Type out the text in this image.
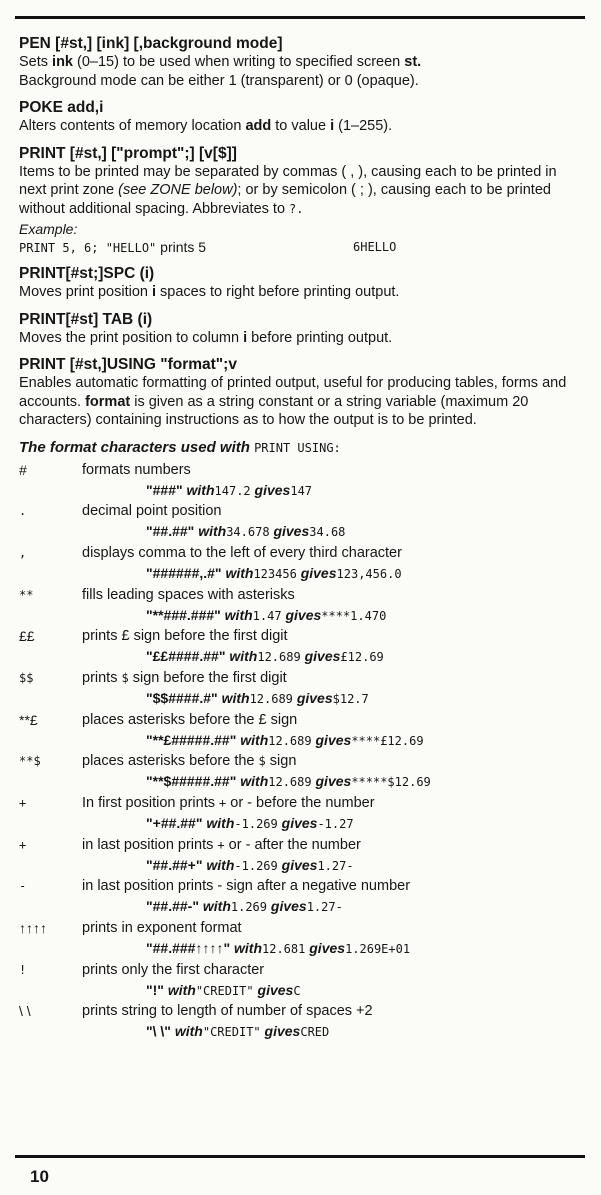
PEN [#st,] [ink] [,background mode]
Sets ink (0–15) to be used when writing to specified screen st.
Background mode can be either 1 (transparent) or 0 (opaque).
POKE add,i
Alters contents of memory location add to value i (1–255).
PRINT [#st,] ["prompt";] [v[$]]
Items to be printed may be separated by commas ( , ), causing each to be printed in next print zone (see ZONE below); or by semicolon ( ; ), causing each to be printed without additional spacing. Abbreviates to ?.
Example:
PRINT 5, 6; "HELLO" prints 5	6HELLO
PRINT[#st;]SPC (i)
Moves print position i spaces to right before printing output.
PRINT[#st] TAB (i)
Moves the print position to column i before printing output.
PRINT [#st,]USING "format";v
Enables automatic formatting of printed output, useful for producing tables, forms and accounts. format is given as a string constant or a string variable (maximum 20 characters) containing instructions as to how the output is to be printed.
The format characters used with PRINT USING:
#	formats numbers
"###" with147.2 gives147
.	decimal point position
"##.##" with34.678 gives34.68
,	displays comma to the left of every third character
"######,.#" with123456 gives123,456.0
**	fills leading spaces with asterisks
"**###.###" with1.47 gives****1.470
££	prints £ sign before the first digit
"££####.##" with12.689 gives£12.69
$$	prints $ sign before the first digit
"$$####.#" with12.689 gives$12.7
**£	places asterisks before the £ sign
"**£#####.##" with12.689 gives****£12.69
**$	places asterisks before the $ sign
"**$#####.##" with12.689 gives*****$12.69
+	In first position prints + or - before the number
"+##.##" with-1.269 gives-1.27
+	in last position prints + or - after the number
"##.##+" with-1.269 gives1.27-
-	in last position prints - sign after a negative number
"##.##-" with1.269 gives1.27-
↑↑↑↑	prints in exponent format
"##.###↑↑↑↑" with12.681 gives1.269E+01
!	prints only the first character
"!" with"CREDIT" givesC
\ \	prints string to length of number of spaces +2
"\ \" with"CREDIT" givesCRED
10
